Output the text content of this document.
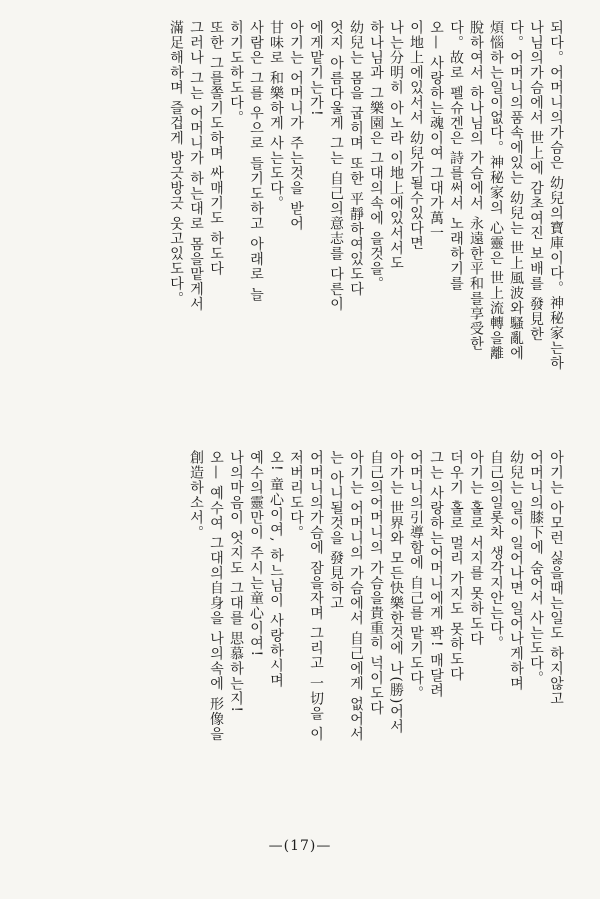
되다。어머니의가슴은 幼兒의寶庫이다。神秘家는하

나님의가슴에서 世上에 감초여진 보배를 發見한

다。어머니의품속에있는 幼兒는 世上風波와騷亂에

煩惱하는일이없다。神秘家의 心靈은 世上流轉을離

脫하여서 하나님의 가슴에서 永遠한平和를享受한

다。故로 펠슈겐은 詩를써서 노래하기를

오— 사랑하는魂이여 그대가萬一

이地上에있서서 幼兒가될수있다면

나는分明히 아노라 이地上에있서서도

하나님과 그樂園은 그대의속에 을것을。

幼兒는 몸을 굽히며 또한 平靜하여있도다

엇지 아름다울게 그는 自己의意志를 다른이

에게맡기는가!

아기는 어머니가 주는것을 받어

甘味로 和樂하게 사는도다。

사람은 그를 우으로 들기도하고 아래로 늘

히기도하도다。

또한 그를쫄기도하며 싸매기도 하도다

그러나 그는 어머니가 하는대로 몸을맡게서

滿足해하며 즐겁게 방긋방긋 웃고있도다。

아기는 아모런 싫을때는일도 하지않고

어머니의膝下에 숨어서 사는도다。

幼兒는 일이 일어나면 일어나게하며

自己의일롯차 생각지안는다。

아기는 홀로 서지를 못하도다

더우기 홀로 멀리 가지도 못하도다

그는 사랑하는어머니에게 꽉! 매달려

어머니의引導함에 自己를 맡기도다。

아가는 世界와 모든快樂한것에 나(勝)어서

自己의어머니의 가슴을貴重히 넉이도다

아기는 어머니의 가슴에서 自己에게 없어서

는 아니될것을 發見하고

어머니의가슴에 잠을자며 그리고 一切을 이

저버리도다。

오! 童心이여, 하느님이 사랑하시며

예수의靈만이 주시는童心이여!

나의마음이 엇지도 그대를 思慕하는지!

오— 예수여 그대의自身을 나의속에 形像을

創造하소서。

—(17)—
